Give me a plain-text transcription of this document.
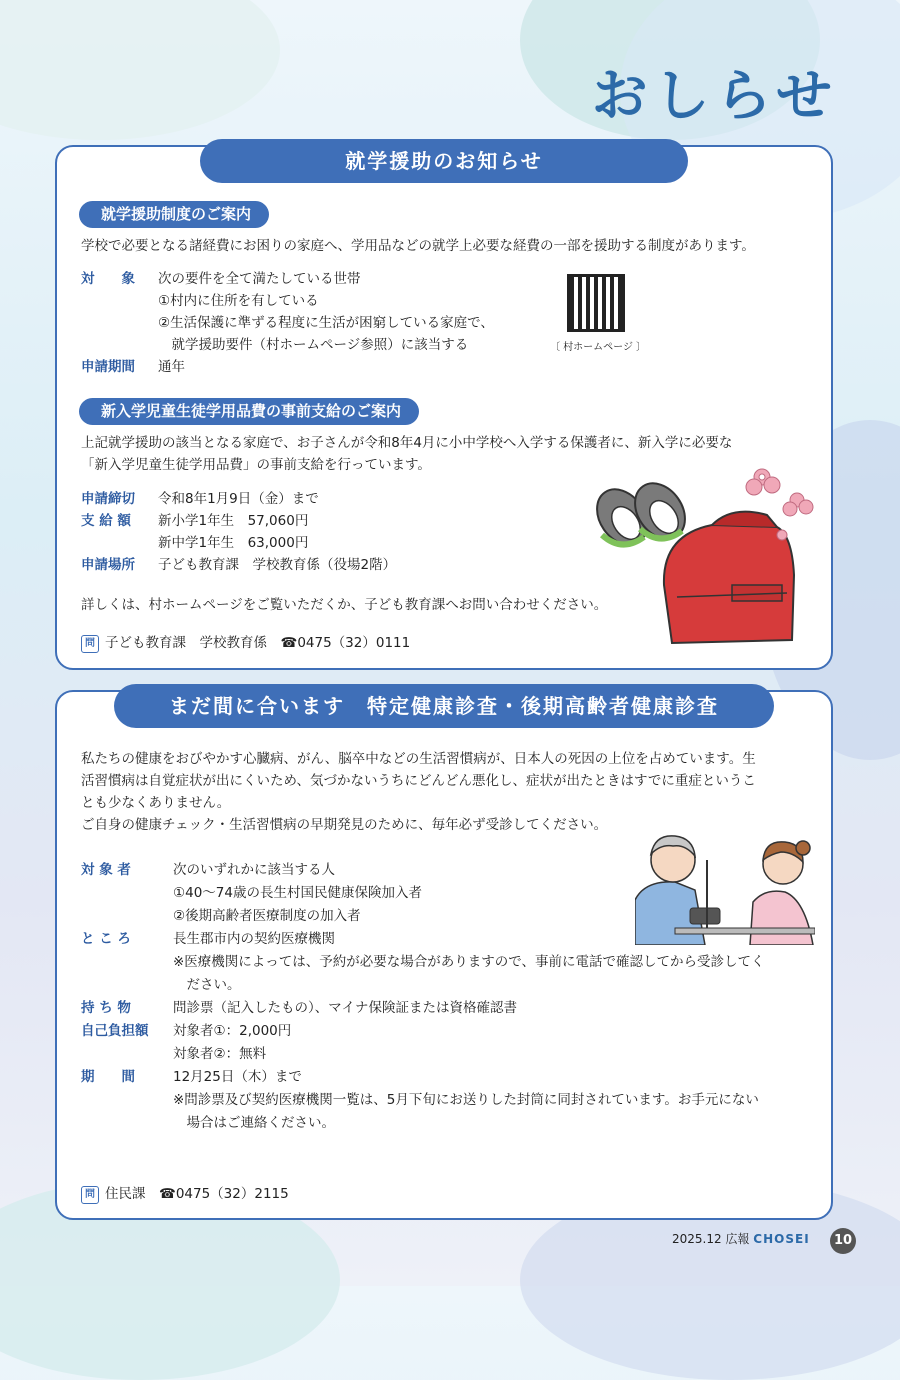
おしらせ
就学援助のお知らせ
就学援助制度のご案内
学校で必要となる諸経費にお困りの家庭へ、学用品などの就学上必要な経費の一部を援助する制度があります。
対　　象 次の要件を全て満たしている世帯
①村内に住所を有している
②生活保護に準ずる程度に生活が困窮している家庭で、
　就学援助要件（村ホームページ参照）に該当する
申請期間 通年
〔 村ホームページ 〕
新入学児童生徒学用品費の事前支給のご案内
上記就学援助の該当となる家庭で、お子さんが令和8年4月に小中学校へ入学する保護者に、新入学に必要な
「新入学児童生徒学用品費」の事前支給を行っています。
申請締切 令和8年1月9日（金）まで
支 給 額 新小学1年生　57,060円
新中学1年生　63,000円
申請場所 子ども教育課　学校教育係（役場2階）
詳しくは、村ホームページをご覧いただくか、子ども教育課へお問い合わせください。
問 子ども教育課　学校教育係　☎0475（32）0111
まだ間に合います　特定健康診査・後期高齢者健康診査
私たちの健康をおびやかす心臓病、がん、脳卒中などの生活習慣病が、日本人の死因の上位を占めています。生
活習慣病は自覚症状が出にくいため、気づかないうちにどんどん悪化し、症状が出たときはすでに重症というこ
とも少なくありません。
ご自身の健康チェック・生活習慣病の早期発見のために、毎年必ず受診してください。
対 象 者	次のいずれかに該当する人
①40～74歳の長生村国民健康保険加入者
②後期高齢者医療制度の加入者
と こ ろ	長生郡市内の契約医療機関
※医療機関によっては、予約が必要な場合がありますので、事前に電話で確認してから受診してく
　ださい。
持 ち 物	問診票（記入したもの）、マイナ保険証または資格確認書
自己負担額 対象者①：2,000円
対象者②：無料
期　　間	12月25日（木）まで
※問診票及び契約医療機関一覧は、5月下旬にお送りした封筒に同封されています。お手元にない
　場合はご連絡ください。
問 住民課　☎0475（32）2115
2025.12 広報 CHOSEI	10
